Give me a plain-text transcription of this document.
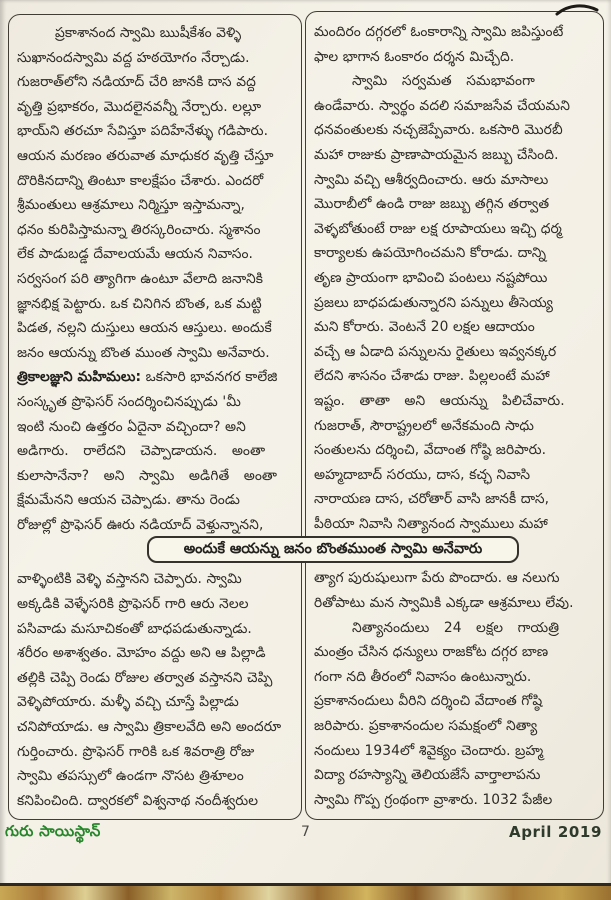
ప్రకాశానంద స్వామి ఋషీకేశం వెళ్ళి
సుఖానందస్వామి వద్ద హఠయోగం నేర్చాడు.
గుజరాత్‌లోని నడియాద్ చేరి జానకి దాస వద్ద
వృత్తి ప్రభాకరం, మొదలైనవన్నీ నేర్చారు. లల్లూ
భాయ్‌ని తరచూ సేవిస్తూ పదిహేనేళ్ళు గడిపారు.
ఆయన మరణం తరువాత మాధుకర వృత్తి చేస్తూ
దొరికినదాన్ని తింటూ కాలక్షేపం చేశారు. ఎందరో
శ్రీమంతులు ఆశ్రమాలు నిర్మిస్తూ ఇస్తామన్నా,
ధనం కురిపిస్తామన్నా తిరస్కరించారు. స్మశానం
లేక పాడుబడ్డ దేవాలయమే ఆయన నివాసం.
సర్వసంగ పరి త్యాగిగా ఉంటూ వేలాది జనానికి
జ్ఞానభిక్ష పెట్టారు. ఒక చినిగిన బొంత, ఒక మట్టి
పిడత, నల్లని దుస్తులు ఆయన ఆస్తులు. అందుకే
జనం ఆయన్ను బొంత ముంత స్వామి అనేవారు.
త్రికాలజ్ఞుని మహిమలు: ఒకసారి భావనగర కాలేజి
సంస్కృత ప్రొఫెసర్ సందర్శించినప్పుడు 'మీ
ఇంటి నుంచి ఉత్తరం ఏదైనా వచ్చిందా? అని
అడిగారు. రాలేదని చెప్పాడాయన. అంతా
కులాసానేనా? అని స్వామి అడిగితే అంతా
క్షేమమేనని ఆయన చెప్పాడు. తాను రెండు
రోజుల్లో ప్రొఫెసర్ ఊరు నడియాద్ వెళ్తున్నానని,
వాళ్ళింటికి వెళ్ళి వస్తానని చెప్పారు. స్వామి
అక్కడికి వెళ్ళేసరికి ప్రొఫెసర్ గారి ఆరు నెలల
పసివాడు మసూచికంతో బాధపడుతున్నాడు.
శరీరం అశాశ్వతం. మోహం వద్దు అని ఆ పిల్లాడి
తల్లికి చెప్పి రెండు రోజుల తర్వాత వస్తానని చెప్పి
వెళ్ళిపోయారు. మళ్ళీ వచ్చి చూస్తే పిల్లాడు
చనిపోయాడు. ఆ స్వామి త్రికాలవేది అని అందరూ
గుర్తించారు. ప్రొఫెసర్ గారికి ఒక శివరాత్రి రోజు
స్వామి తపస్సులో ఉండగా నొసట త్రిశూలం
కనిపించింది. ద్వారకలో విశ్వనాథ నందీశ్వరుల
మందిరం దగ్గరలో ఓంకారాన్ని స్వామి జపిస్తుంటే
ఫాల భాగాన ఓంకారం దర్శన మిచ్చేది.
స్వామి సర్వమత సమభావంగా
ఉండేవారు. స్వార్థం వదలి సమాజసేవ చేయమని
ధనవంతులకు నచ్చజెప్పేవారు. ఒకసారి మొరబీ
మహా రాజుకు ప్రాణాపాయమైన జబ్బు చేసింది.
స్వామి వచ్చి ఆశీర్వదించారు. ఆరు మాసాలు
మొరాబీలో ఉండి రాజు జబ్బు తగ్గిన తర్వాత
వెళ్ళబోతుంటే రాజు లక్ష రూపాయలు ఇచ్చి ధర్మ
కార్యాలకు ఉపయోగించమని కోరాడు. దాన్ని
తృణ ప్రాయంగా భావించి పంటలు నష్టపోయి
ప్రజలు బాధపడుతున్నారని పన్నులు తీసెయ్య
మని కోరారు. వెంటనే 20 లక్షల ఆదాయం
వచ్చే ఆ ఏడాది పన్నులను రైతులు ఇవ్వనక్కర
లేదని శాసనం చేశాడు రాజు. పిల్లలంటే మహా
ఇష్టం. తాతా అని ఆయన్ను పిలిచేవారు.
గుజరాత్, సౌరాష్ట్రలలో అనేకమంది సాధు
సంతులను దర్శించి, వేదాంత గోష్ఠి జరిపారు.
అహ్మదాబాద్ సరయు, దాస, కచ్ఛ నివాసి
నారాయణ దాస, చరోతార్ వాసి జానకీ దాస,
పీఠియా నివాసి నిత్యానంద స్వాములు మహా
త్యాగ పురుషులుగా పేరు పొందారు. ఆ నలుగు
రితోపాటు మన స్వామికి ఎక్కడా ఆశ్రమాలు లేవు.
నిత్యానందులు 24 లక్షల గాయత్రి
మంత్రం చేసిన ధన్యులు రాజకోట దగ్గర బాణ
గంగా నది తీరంలో నివాసం ఉంటున్నారు.
ప్రకాశానందులు వీరిని దర్శించి వేదాంత గోష్ఠి
జరిపారు. ప్రకాశానందుల సమక్షంలో నిత్యా
నందులు 1934లో శివైక్యం చెందారు. బ్రహ్మ
విద్యా రహస్యాన్ని తెలియజేసే వార్తాలాపను
స్వామి గొప్ప గ్రంథంగా వ్రాశారు. 1032 పేజీల
అందుకే ఆయన్ను జనం బొంతముంత స్వామి అనేవారు
గురు సాయిస్థాన్	7	April 2019
